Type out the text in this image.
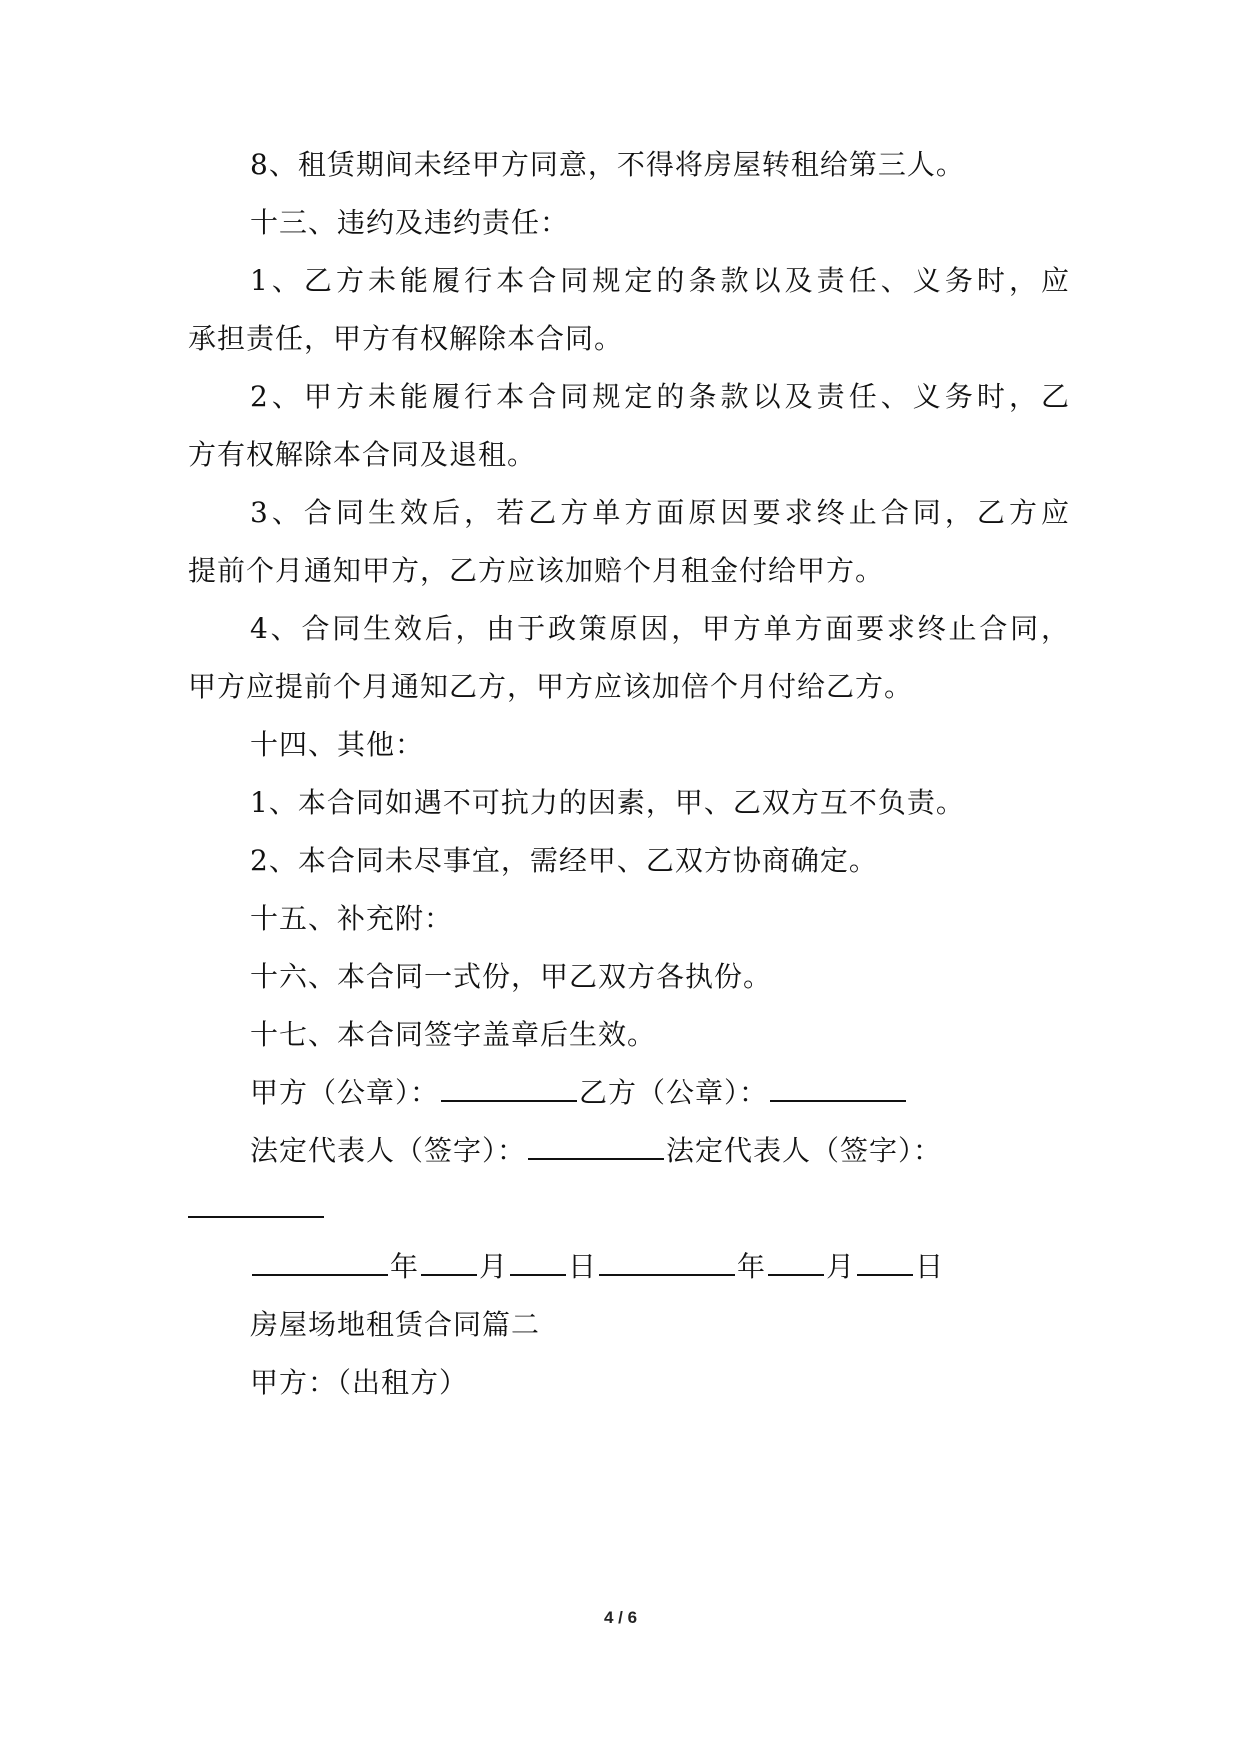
8、租赁期间未经甲方同意，不得将房屋转租给第三人。
十三、违约及违约责任：
1、乙方未能履行本合同规定的条款以及责任、义务时，应
承担责任，甲方有权解除本合同。
2、甲方未能履行本合同规定的条款以及责任、义务时，乙
方有权解除本合同及退租。
3、合同生效后，若乙方单方面原因要求终止合同，乙方应
提前个月通知甲方，乙方应该加赔个月租金付给甲方。
4、合同生效后，由于政策原因，甲方单方面要求终止合同，
甲方应提前个月通知乙方，甲方应该加倍个月付给乙方。
十四、其他：
1、本合同如遇不可抗力的因素，甲、乙双方互不负责。
2、本合同未尽事宜，需经甲、乙双方协商确定。
十五、补充附：
十六、本合同一式份，甲乙双方各执份。
十七、本合同签字盖章后生效。
甲方（公章）：	乙方（公章）：
法定代表人（签字）：	法定代表人（签字）：
年 月 日	年 月 日
房屋场地租赁合同篇二
甲方：（出租方）
4 / 6
